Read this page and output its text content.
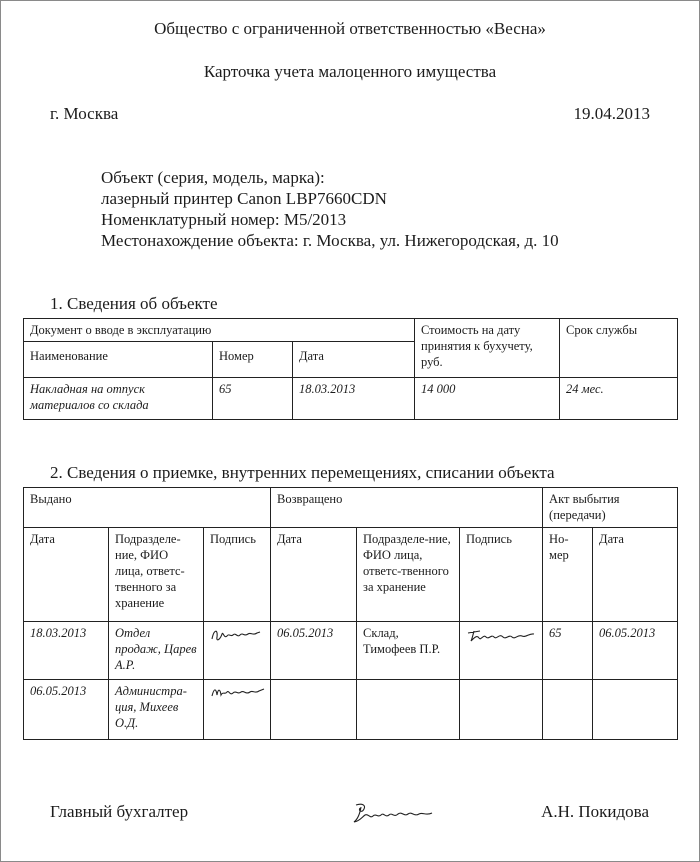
Общество с ограниченной ответственностью «Весна»
Карточка учета малоценного имущества
г. Москва	19.04.2013
Объект (серия, модель, марка):
лазерный принтер Canon LBP7660CDN
Номенклатурный номер: М5/2013
Местонахождение объекта: г. Москва, ул. Нижегородская, д. 10
1. Сведения об объекте
Документ о вводе в эксплуатацию			Стоимость на дату принятия к бухучету, руб.	Срок службы
Наименование	Номер	Дата		
Накладная на отпуск материалов со склада	65	18.03.2013	14 000	24 мес.
2. Сведения о приемке, внутренних перемещениях, списании объекта
Выдано			Возвращено			Акт выбытия (передачи)	
Дата	Подразделе-ние, ФИО лица, ответс-твенного за хранение	Подпись	Дата	Подразделе-ние, ФИО лица, ответс-твенного за хранение	Подпись	Но-мер	Дата
18.03.2013	Отдел продаж, Царев А.Р.		06.05.2013	Склад, Тимофеев П.Р.		65	06.05.2013
06.05.2013	Администра-ция, Михеев О.Д.	

Главный бухгалтер	А.Н. Покидова
